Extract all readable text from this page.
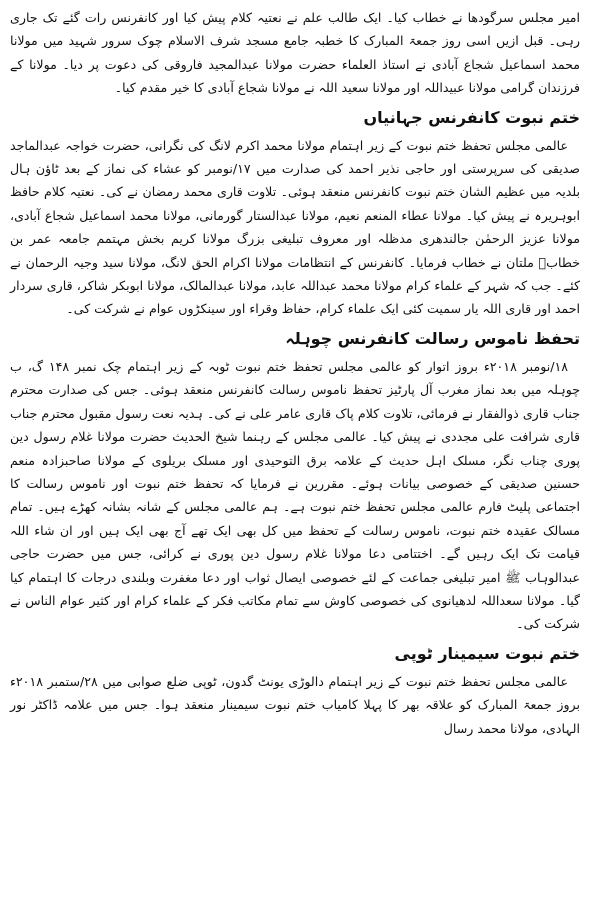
امیر مجلس سرگودھا نے خطاب کیا۔ ایک طالب علم نے نعتیہ کلام پیش کیا اور کانفرنس رات گئے تک جاری رہی۔ قبل ازیں اسی روز جمعۃ المبارک کا خطبہ جامع مسجد شرف الاسلام چوک سرور شہید میں مولانا محمد اسماعیل شجاع آبادی نے استاذ العلماء حضرت مولانا عبدالمجید فاروقی کی دعوت پر دیا۔ مولانا کے فرزندان گرامی مولانا عبیداللہ اور مولانا سعید اللہ نے مولانا شجاع آبادی کا خیر مقدم کیا۔

ختم نبوت کانفرنس جہانیاں

عالمی مجلس تحفظ ختم نبوت کے زیر اہتمام مولانا محمد اکرم لانگ کی نگرانی، حضرت خواجہ عبدالماجد صدیقی کی سرپرستی اور حاجی نذیر احمد کی صدارت میں ۱۷/نومبر کو عشاء کی نماز کے بعد ٹاؤن ہال بلدیہ میں عظیم الشان ختم نبوت کانفرنس منعقد ہوئی۔ تلاوت قاری محمد رمضان نے کی۔ نعتیہ کلام حافظ ابوہریرہ نے پیش کیا۔ مولانا عطاء المنعم نعیم، مولانا عبدالستار گورمانی، مولانا محمد اسماعیل شجاع آبادی، مولانا عزیز الرحمٰن جالندھری مدظلہ اور معروف تبلیغی بزرگ مولانا کریم بخش مہتمم جامعہ عمر بن خطابؓ ملتان نے خطاب فرمایا۔ کانفرنس کے انتظامات مولانا اکرام الحق لانگ، مولانا سید وجیہ الرحمان نے کئے۔ جب کہ شہر کے علماء کرام مولانا محمد عبداللہ عابد، مولانا عبدالمالک، مولانا ابوبکر شاکر، قاری سردار احمد اور قاری اللہ یار سمیت کئی ایک علماء کرام، حفاظ وقراء اور سینکڑوں عوام نے شرکت کی۔

تحفظ ناموس رسالت کانفرنس چوہلہ

۱۸/نومبر ۲۰۱۸ء بروز اتوار کو عالمی مجلس تحفظ ختم نبوت ٹوبہ کے زیر اہتمام چک نمبر ۱۴۸ گ، ب چوہلہ میں بعد نماز مغرب آل پارٹیز تحفظ ناموس رسالت کانفرنس منعقد ہوئی۔ جس کی صدارت محترم جناب قاری ذوالفقار نے فرمائی، تلاوت کلام پاک قاری عامر علی نے کی۔ ہدیہ نعت رسول مقبول محترم جناب قاری شرافت علی مجددی نے پیش کیا۔ عالمی مجلس کے رہنما شیخ الحدیث حضرت مولانا غلام رسول دین پوری چناب نگر، مسلک اہل حدیث کے علامہ برق التوحیدی اور مسلک بریلوی کے مولانا صاحبزادہ منعم حسنین صدیقی کے خصوصی بیانات ہوئے۔ مقررین نے فرمایا کہ تحفظ ختم نبوت اور ناموس رسالت کا اجتماعی پلیٹ فارم عالمی مجلس تحفظ ختم نبوت ہے۔ ہم عالمی مجلس کے شانہ بشانہ کھڑے ہیں۔ تمام مسالک عقیدہ ختم نبوت، ناموس رسالت کے تحفظ میں کل بھی ایک تھے آج بھی ایک ہیں اور ان شاء اللہ قیامت تک ایک رہیں گے۔ اختتامی دعا مولانا غلام رسول دین پوری نے کرائی، جس میں حضرت حاجی عبدالوہاب ﷺ امیر تبلیغی جماعت کے لئے خصوصی ایصال ثواب اور دعا مغفرت وبلندی درجات کا اہتمام کیا گیا۔ مولانا سعداللہ لدھیانوی کی خصوصی کاوش سے تمام مکاتب فکر کے علماء کرام اور کثیر عوام الناس نے شرکت کی۔

ختم نبوت سیمینار ٹوپی

عالمی مجلس تحفظ ختم نبوت کے زیر اہتمام دالوڑی یونٹ گدون، ٹوپی ضلع صوابی میں ۲۸/ستمبر ۲۰۱۸ء بروز جمعۃ المبارک کو علاقہ بھر کا پہلا کامیاب ختم نبوت سیمینار منعقد ہوا۔ جس میں علامہ ڈاکٹر نور الہادی، مولانا محمد رسال
